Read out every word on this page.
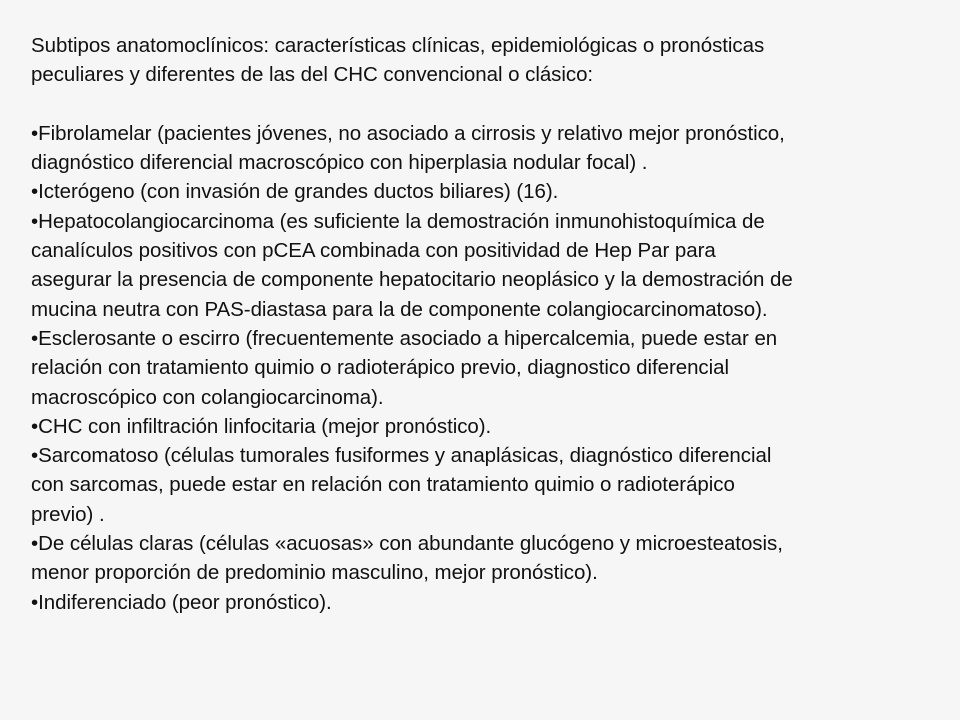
Subtipos anatomoclínicos: características clínicas, epidemiológicas o pronósticas
peculiares y diferentes de las del CHC convencional o clásico:
•Fibrolamelar (pacientes jóvenes, no asociado a cirrosis y relativo mejor pronóstico,
diagnóstico diferencial macroscópico con hiperplasia nodular focal) .
•Icterógeno (con invasión de grandes ductos biliares) (16).
•Hepatocolangiocarcinoma (es suficiente la demostración inmunohistoquímica de
canalículos positivos con pCEA combinada con positividad de Hep Par para
asegurar la presencia de componente hepatocitario neoplásico y la demostración de
mucina neutra con PAS-diastasa para la de componente colangiocarcinomatoso).
•Esclerosante o escirro (frecuentemente asociado a hipercalcemia, puede estar en
relación con tratamiento quimio o radioterápico previo, diagnostico diferencial
macroscópico con colangiocarcinoma).
•CHC con infiltración linfocitaria (mejor pronóstico).
•Sarcomatoso (células tumorales fusiformes y anaplásicas, diagnóstico diferencial
con sarcomas, puede estar en relación con tratamiento quimio o radioterápico
previo) .
•De células claras (células «acuosas» con abundante glucógeno y microesteatosis,
menor proporción de predominio masculino, mejor pronóstico).
•Indiferenciado (peor pronóstico).
